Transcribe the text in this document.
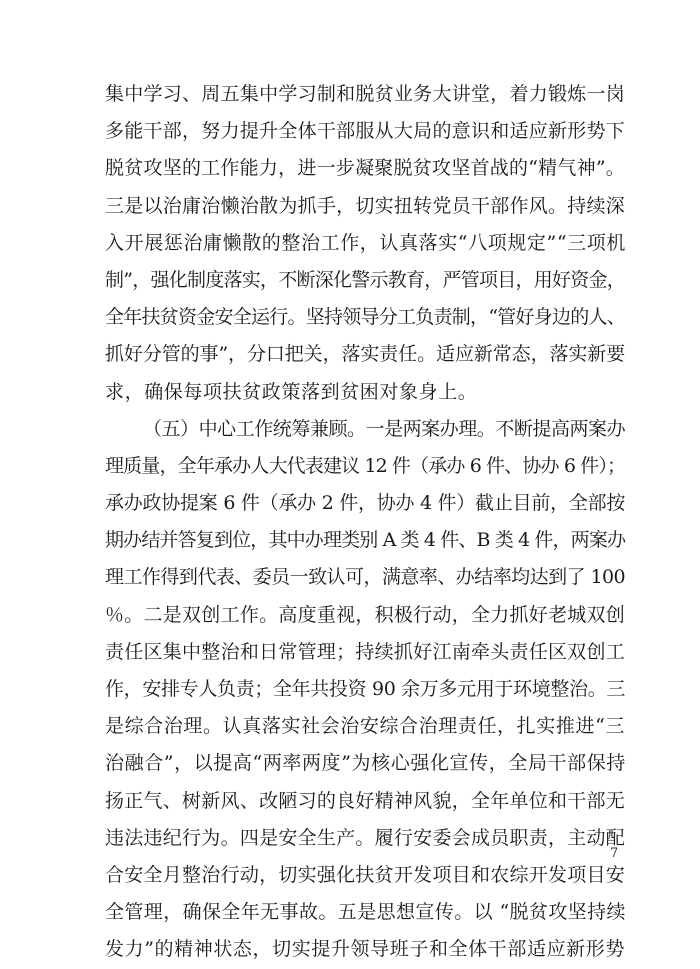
集中学习、周五集中学习制和脱贫业务大讲堂，着力锻炼一岗
多能干部，努力提升全体干部服从大局的意识和适应新形势下
脱贫攻坚的工作能力，进一步凝聚脱贫攻坚首战的“精气神”。
三是以治庸治懒治散为抓手，切实扭转党员干部作风。持续深
入开展惩治庸懒散的整治工作，认真落实“八项规定”“三项机
制”，强化制度落实，不断深化警示教育，严管项目，用好资金，
全年扶贫资金安全运行。坚持领导分工负责制，“管好身边的人、
抓好分管的事”，分口把关，落实责任。适应新常态，落实新要
求，确保每项扶贫政策落到贫困对象身上。
（五）中心工作统筹兼顾。一是两案办理。不断提高两案办
理质量，全年承办人大代表建议 12 件（承办 6 件、协办 6 件）；
承办政协提案 6 件（承办 2 件，协办 4 件）截止目前，全部按
期办结并答复到位，其中办理类别 A 类 4 件、B 类 4 件，两案办
理工作得到代表、委员一致认可，满意率、办结率均达到了 100
％。二是双创工作。高度重视，积极行动，全力抓好老城双创
责任区集中整治和日常管理；持续抓好江南牵头责任区双创工
作，安排专人负责；全年共投资 90 余万多元用于环境整治。三
是综合治理。认真落实社会治安综合治理责任，扎实推进“三
治融合”，以提高“两率两度”为核心强化宣传，全局干部保持
扬正气、树新风、改陋习的良好精神风貌，全年单位和干部无
违法违纪行为。四是安全生产。履行安委会成员职责，主动配
合安全月整治行动，切实强化扶贫开发项目和农综开发项目安
全管理，确保全年无事故。五是思想宣传。以 “脱贫攻坚持续
发力”的精神状态，切实提升领导班子和全体干部适应新形势
7
